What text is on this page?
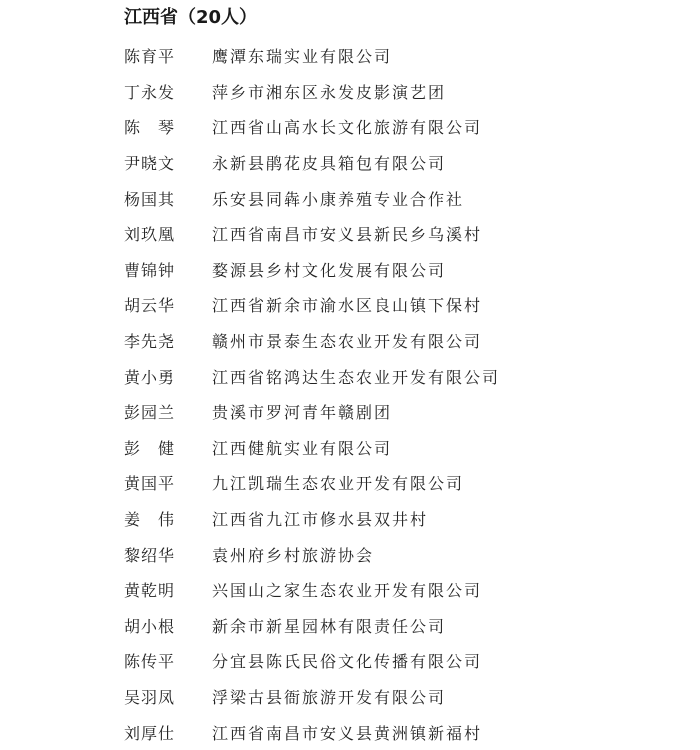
江西省（20人）
陈育平	鹰潭东瑞实业有限公司
丁永发	萍乡市湘东区永发皮影演艺团
陈　琴	江西省山高水长文化旅游有限公司
尹晓文	永新县鹃花皮具箱包有限公司
杨国其	乐安县同犇小康养殖专业合作社
刘玖凰	江西省南昌市安义县新民乡乌溪村
曹锦钟	婺源县乡村文化发展有限公司
胡云华	江西省新余市渝水区良山镇下保村
李先尧	赣州市景泰生态农业开发有限公司
黄小勇	江西省铭鸿达生态农业开发有限公司
彭园兰	贵溪市罗河青年赣剧团
彭　健	江西健航实业有限公司
黄国平	九江凯瑞生态农业开发有限公司
姜　伟	江西省九江市修水县双井村
黎绍华	袁州府乡村旅游协会
黄乾明	兴国山之家生态农业开发有限公司
胡小根	新余市新星园林有限责任公司
陈传平	分宜县陈氏民俗文化传播有限公司
吴羽凤	浮梁古县衙旅游开发有限公司
刘厚仕	江西省南昌市安义县黄洲镇新福村
